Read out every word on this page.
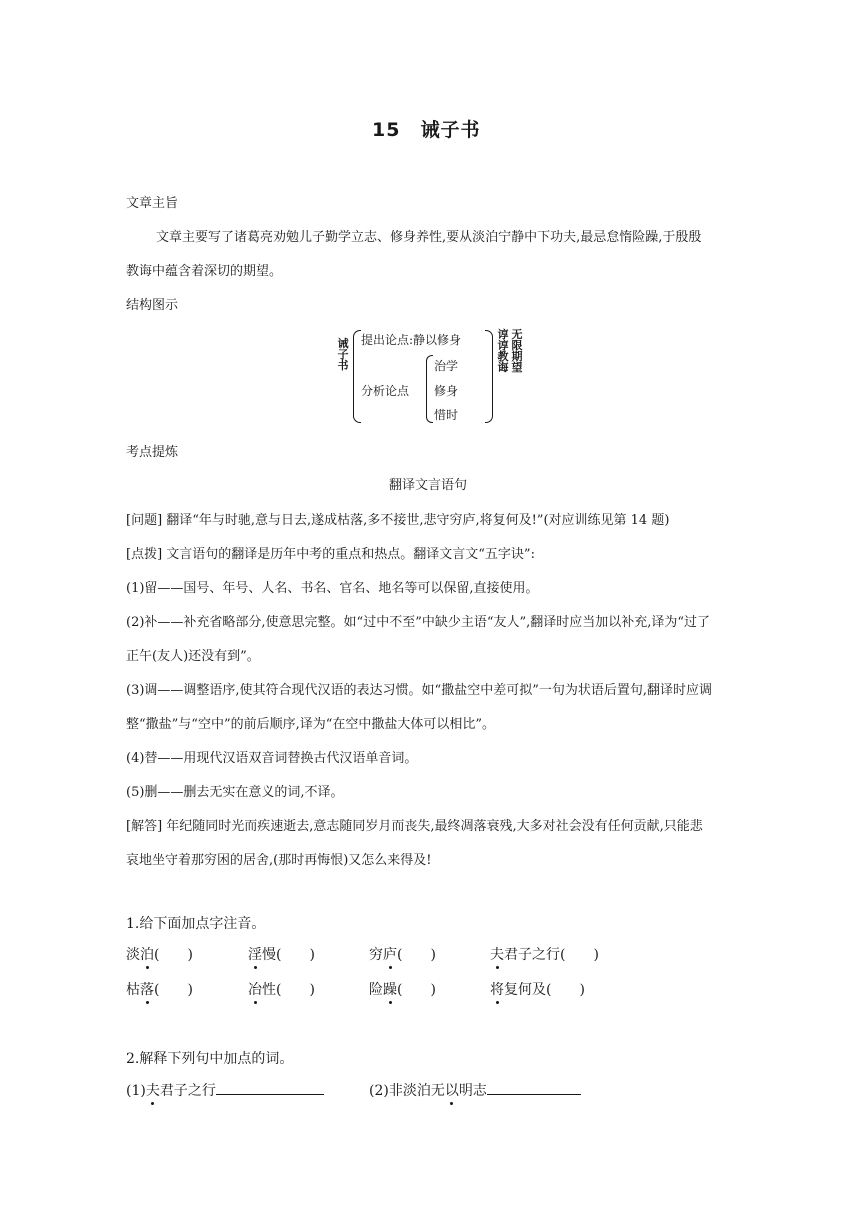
15　诫子书
文章主旨
文章主要写了诸葛亮劝勉儿子勤学立志、修身养性,要从淡泊宁静中下功夫,最忌怠惰险躁,于殷殷
教诲中蕴含着深切的期望。
结构图示
诫子书
提出论点:静以修身
分析论点
治学
修身
惜时
谆谆教诲
无限期望
考点提炼
翻译文言语句
[问题] 翻译“年与时驰,意与日去,遂成枯落,多不接世,悲守穷庐,将复何及!”(对应训练见第 14 题)
[点拨] 文言语句的翻译是历年中考的重点和热点。翻译文言文“五字诀”:
(1)留——国号、年号、人名、书名、官名、地名等可以保留,直接使用。
(2)补——补充省略部分,使意思完整。如“过中不至”中缺少主语“友人”,翻译时应当加以补充,译为“过了
正午(友人)还没有到”。
(3)调——调整语序,使其符合现代汉语的表达习惯。如“撒盐空中差可拟”一句为状语后置句,翻译时应调
整“撒盐”与“空中”的前后顺序,译为“在空中撒盐大体可以相比”。
(4)替——用现代汉语双音词替换古代汉语单音词。
(5)删——删去无实在意义的词,不译。
[解答] 年纪随同时光而疾速逝去,意志随同岁月而丧失,最终凋落衰残,大多对社会没有任何贡献,只能悲
哀地坐守着那穷困的居舍,(那时再悔恨)又怎么来得及!
1.给下面加点字注音。
淡泊(　　)	淫慢(　　)	穷庐(　　)	夫君子之行(　　)
枯落(　　)	冶性(　　)	险躁(　　)	将复何及(　　)
2.解释下列句中加点的词。
(1)夫君子之行	(2)非淡泊无以明志
